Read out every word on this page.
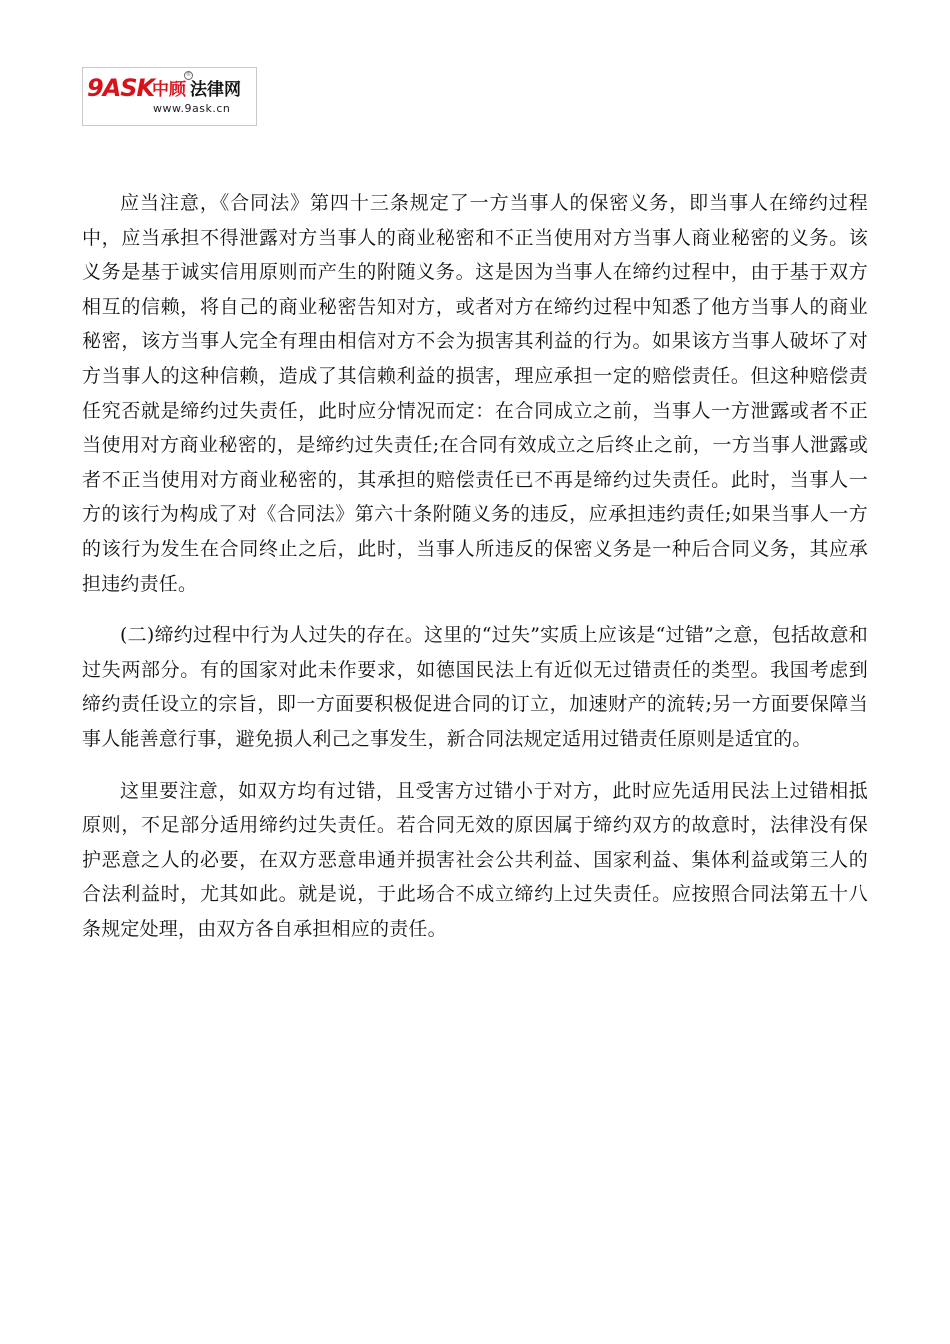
9ASK
中顾 法律网
®
www.9ask.cn

应当注意，《合同法》第四十三条规定了一方当事人的保密义务，即当事人在缔约过程中，应当承担不得泄露对方当事人的商业秘密和不正当使用对方当事人商业秘密的义务。该义务是基于诚实信用原则而产生的附随义务。这是因为当事人在缔约过程中，由于基于双方相互的信赖，将自己的商业秘密告知对方，或者对方在缔约过程中知悉了他方当事人的商业秘密，该方当事人完全有理由相信对方不会为损害其利益的行为。如果该方当事人破坏了对方当事人的这种信赖，造成了其信赖利益的损害，理应承担一定的赔偿责任。但这种赔偿责任究否就是缔约过失责任，此时应分情况而定：在合同成立之前，当事人一方泄露或者不正当使用对方商业秘密的，是缔约过失责任;在合同有效成立之后终止之前，一方当事人泄露或者不正当使用对方商业秘密的，其承担的赔偿责任已不再是缔约过失责任。此时，当事人一方的该行为构成了对《合同法》第六十条附随义务的违反，应承担违约责任;如果当事人一方的该行为发生在合同终止之后，此时，当事人所违反的保密义务是一种后合同义务，其应承担违约责任。

(二)缔约过程中行为人过失的存在。这里的“过失”实质上应该是“过错”之意，包括故意和过失两部分。有的国家对此未作要求，如德国民法上有近似无过错责任的类型。我国考虑到缔约责任设立的宗旨，即一方面要积极促进合同的订立，加速财产的流转;另一方面要保障当事人能善意行事，避免损人利己之事发生，新合同法规定适用过错责任原则是适宜的。

这里要注意，如双方均有过错，且受害方过错小于对方，此时应先适用民法上过错相抵原则，不足部分适用缔约过失责任。若合同无效的原因属于缔约双方的故意时，法律没有保护恶意之人的必要，在双方恶意串通并损害社会公共利益、国家利益、集体利益或第三人的合法利益时，尤其如此。就是说，于此场合不成立缔约上过失责任。应按照合同法第五十八条规定处理，由双方各自承担相应的责任。
